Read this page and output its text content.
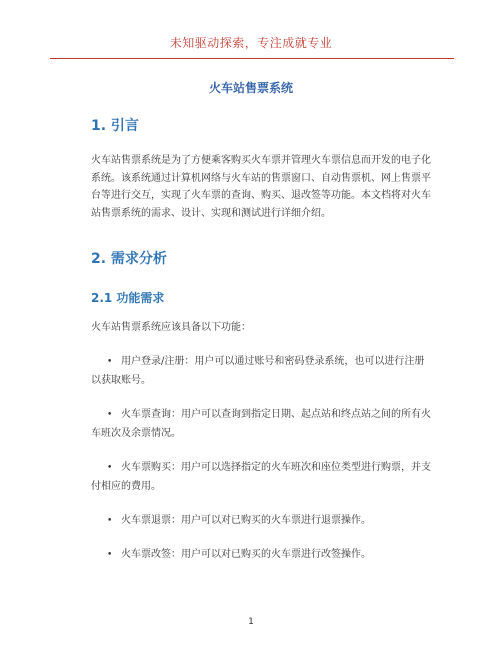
未知驱动探索，专注成就专业
火车站售票系统
1. 引言
火车站售票系统是为了方便乘客购买火车票并管理火车票信息而开发的电子化系统。该系统通过计算机网络与火车站的售票窗口、自动售票机、网上售票平台等进行交互，实现了火车票的查询、购买、退改签等功能。本文档将对火车站售票系统的需求、设计、实现和测试进行详细介绍。
2. 需求分析
2.1 功能需求
火车站售票系统应该具备以下功能：
• 用户登录/注册：用户可以通过账号和密码登录系统，也可以进行注册以获取账号。
• 火车票查询：用户可以查询到指定日期、起点站和终点站之间的所有火车班次及余票情况。
• 火车票购买：用户可以选择指定的火车班次和座位类型进行购票，并支付相应的费用。
• 火车票退票：用户可以对已购买的火车票进行退票操作。
• 火车票改签：用户可以对已购买的火车票进行改签操作。
1
